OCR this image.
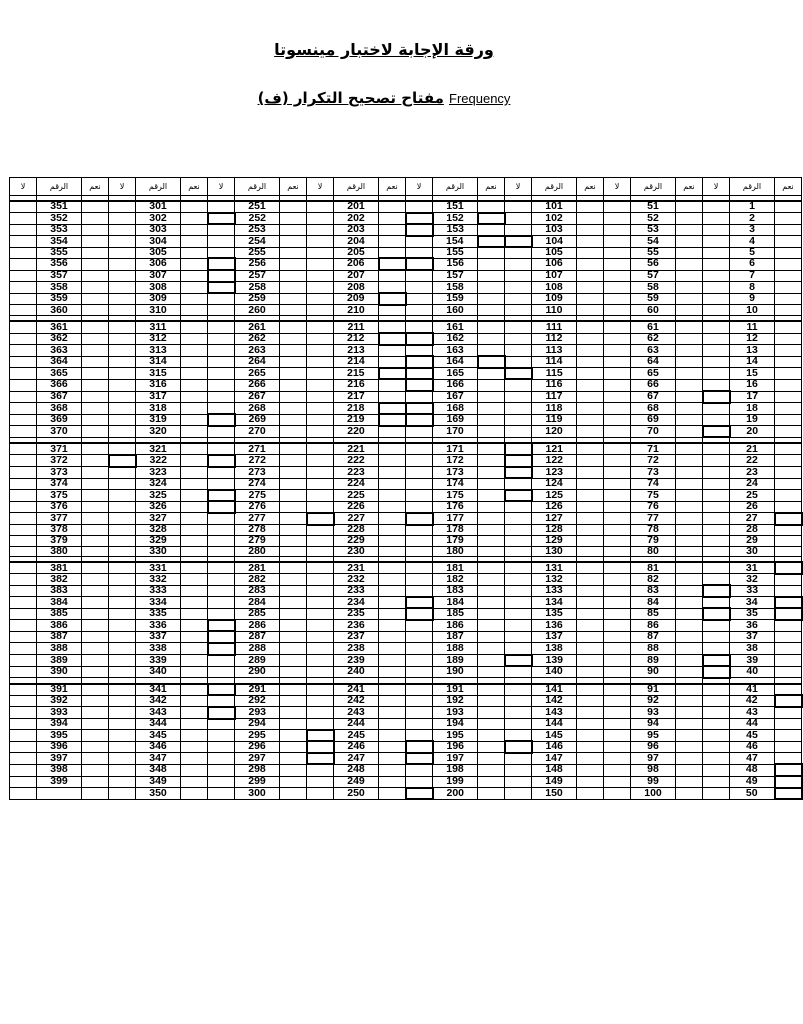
ورقة الإجابة لاختبار مينسوتا
مفتاح تصحيح التكرار (ف) Frequency
نعم	الرقم	لا	نعم	الرقم	لا	نعم	الرقم	لا	نعم	الرقم	لا	نعم	الرقم	لا	نعم	الرقم	لا	نعم	الرقم	لا	نعم	الرقم	لا

	1			51			101			151			201			251			301			351	
	2			52			102			152			202			252			302			352	
	3			53			103			153			203			253			303			353	
	4			54			104			154			204			254			304			354	
	5			55			105			155			205			255			305			355	
	6			56			106			156			206			256			306			356	
	7			57			107			157			207			257			307			357	
	8			58			108			158			208			258			308			358	
	9			59			109			159			209			259			309			359	
	10			60			110			160			210			260			310			360	

	11			61			111			161			211			261			311			361	
	12			62			112			162			212			262			312			362	
	13			63			113			163			213			263			313			363	
	14			64			114			164			214			264			314			364	
	15			65			115			165			215			265			315			365	
	16			66			116			166			216			266			316			366	
	17			67			117			167			217			267			317			367	
	18			68			118			168			218			268			318			368	
	19			69			119			169			219			269			319			369	
	20			70			120			170			220			270			320			370	

	21			71			121			171			221			271			321			371	
	22			72			122			172			222			272			322			372	
	23			73			123			173			223			273			323			373	
	24			74			124			174			224			274			324			374	
	25			75			125			175			225			275			325			375	
	26			76			126			176			226			276			326			376	
	27			77			127			177			227			277			327			377	
	28			78			128			178			228			278			328			378	
	29			79			129			179			229			279			329			379	
	30			80			130			180			230			280			330			380	

	31			81			131			181			231			281			331			381	
	32			82			132			182			232			282			332			382	
	33			83			133			183			233			283			333			383	
	34			84			134			184			234			284			334			384	
	35			85			135			185			235			285			335			385	
	36			86			136			186			236			286			336			386	
	37			87			137			187			237			287			337			387	
	38			88			138			188			238			288			338			388	
	39			89			139			189			239			289			339			389	
	40			90			140			190			240			290			340			390	

	41			91			141			191			241			291			341			391	
	42			92			142			192			242			292			342			392	
	43			93			143			193			243			293			343			393	
	44			94			144			194			244			294			344			394	
	45			95			145			195			245			295			345			395	
	46			96			146			196			246			296			346			396	
	47			97			147			197			247			297			347			397	
	48			98			148			198			248			298			348			398	
	49			99			149			199			249			299			349			399	
	50			100			150			200			250			300			350				
